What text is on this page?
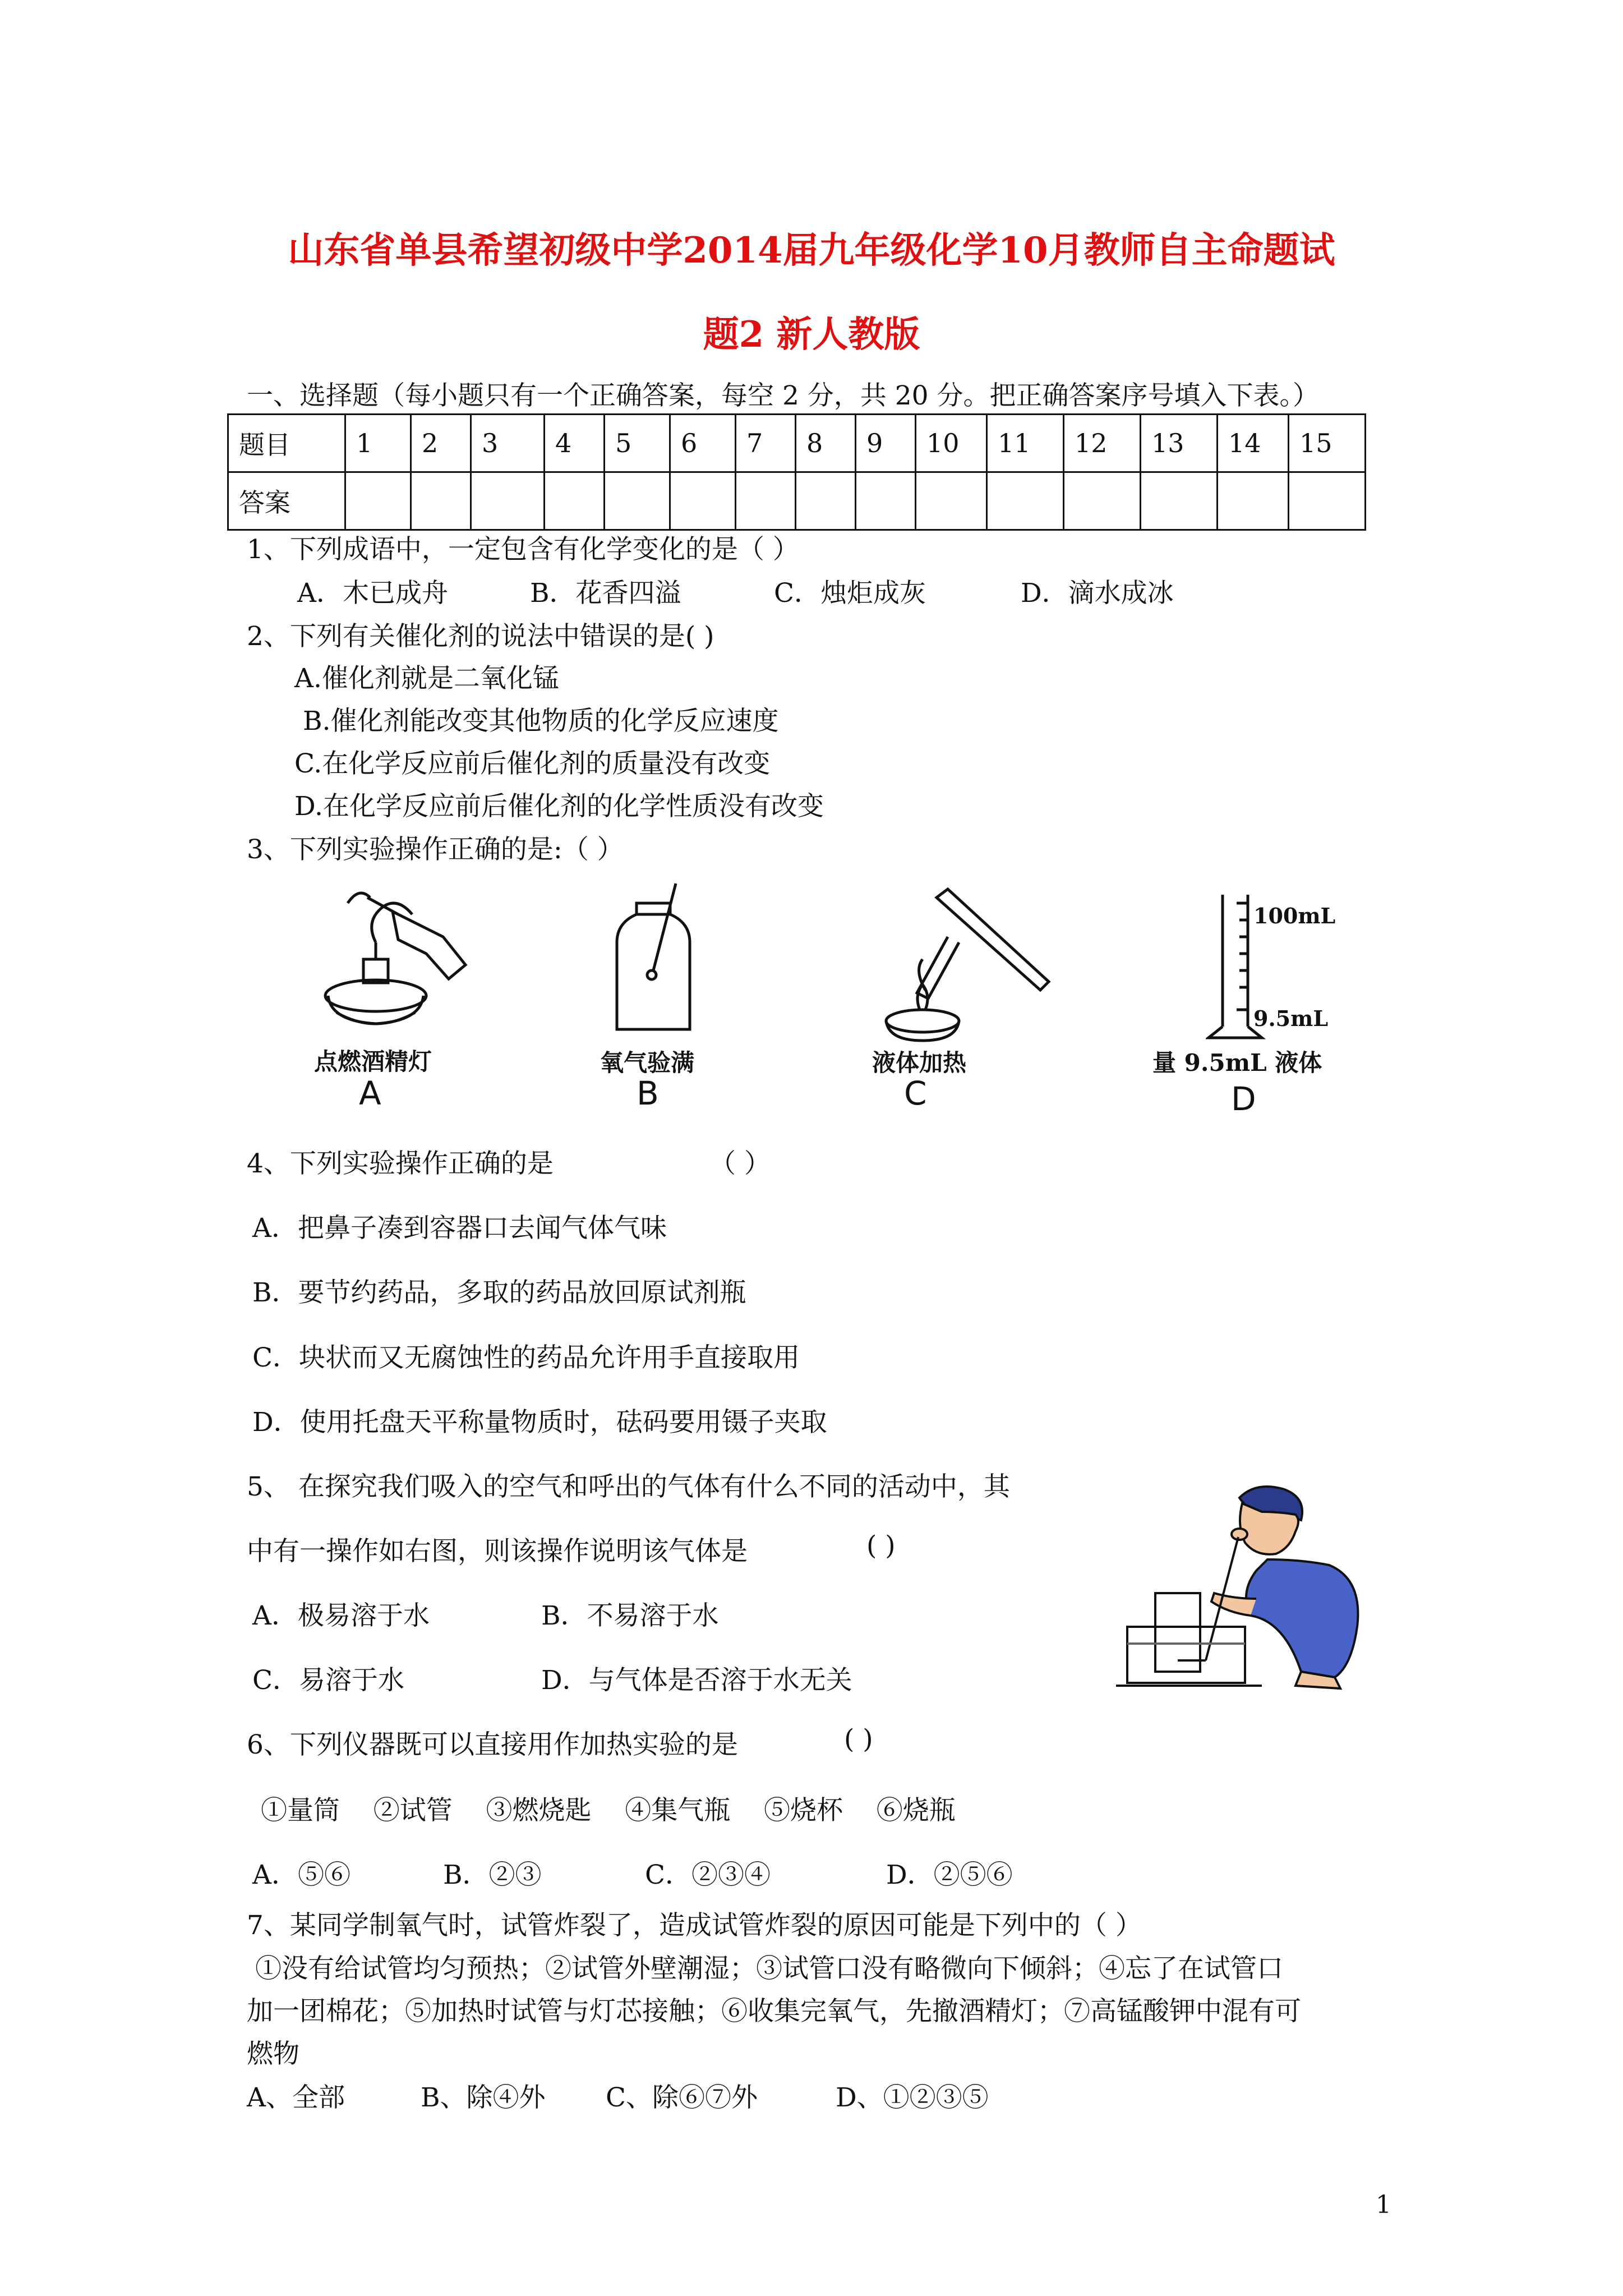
山东省单县希望初级中学2014届九年级化学10月教师自主命题试
题2 新人教版
一、选择题（每小题只有一个正确答案，每空 2 分，共 20 分。把正确答案序号填入下表。）
题目	1	2	3	4	5	6	7	8	9	10	11	12	13	14	15
答案															
1、下列成语中，一定包含有化学变化的是（ ）
A．木已成舟	B．花香四溢	C．烛炬成灰	D．滴水成冰
2、下列有关催化剂的说法中错误的是( )
A.催化剂就是二氧化锰
B.催化剂能改变其他物质的化学反应速度
C.在化学反应前后催化剂的质量没有改变
D.在化学反应前后催化剂的化学性质没有改变
3、下列实验操作正确的是:（ ）
点燃酒精灯
A
氧气验满
B
液体加热
C
100mL
9.5mL
量 9.5mL 液体
D
4、下列实验操作正确的是	（ ）
A．把鼻子凑到容器口去闻气体气味
B．要节约药品，多取的药品放回原试剂瓶
C．块状而又无腐蚀性的药品允许用手直接取用
D．使用托盘天平称量物质时，砝码要用镊子夹取
5、 在探究我们吸入的空气和呼出的气体有什么不同的活动中，其
中有一操作如右图，则该操作说明该气体是	( )
A．极易溶于水	B．不易溶于水
C．易溶于水	D．与气体是否溶于水无关
6、下列仪器既可以直接用作加热实验的是	( )
①量筒    ②试管    ③燃烧匙    ④集气瓶    ⑤烧杯    ⑥烧瓶
A．⑤⑥	B．②③	C．②③④	D．②⑤⑥
7、某同学制氧气时，试管炸裂了，造成试管炸裂的原因可能是下列中的（ ）
①没有给试管均匀预热；②试管外壁潮湿；③试管口没有略微向下倾斜；④忘了在试管口
加一团棉花；⑤加热时试管与灯芯接触；⑥收集完氧气，先撤酒精灯；⑦高锰酸钾中混有可
燃物
A、全部	B、除④外 C、除⑥⑦外	D、①②③⑤
1
